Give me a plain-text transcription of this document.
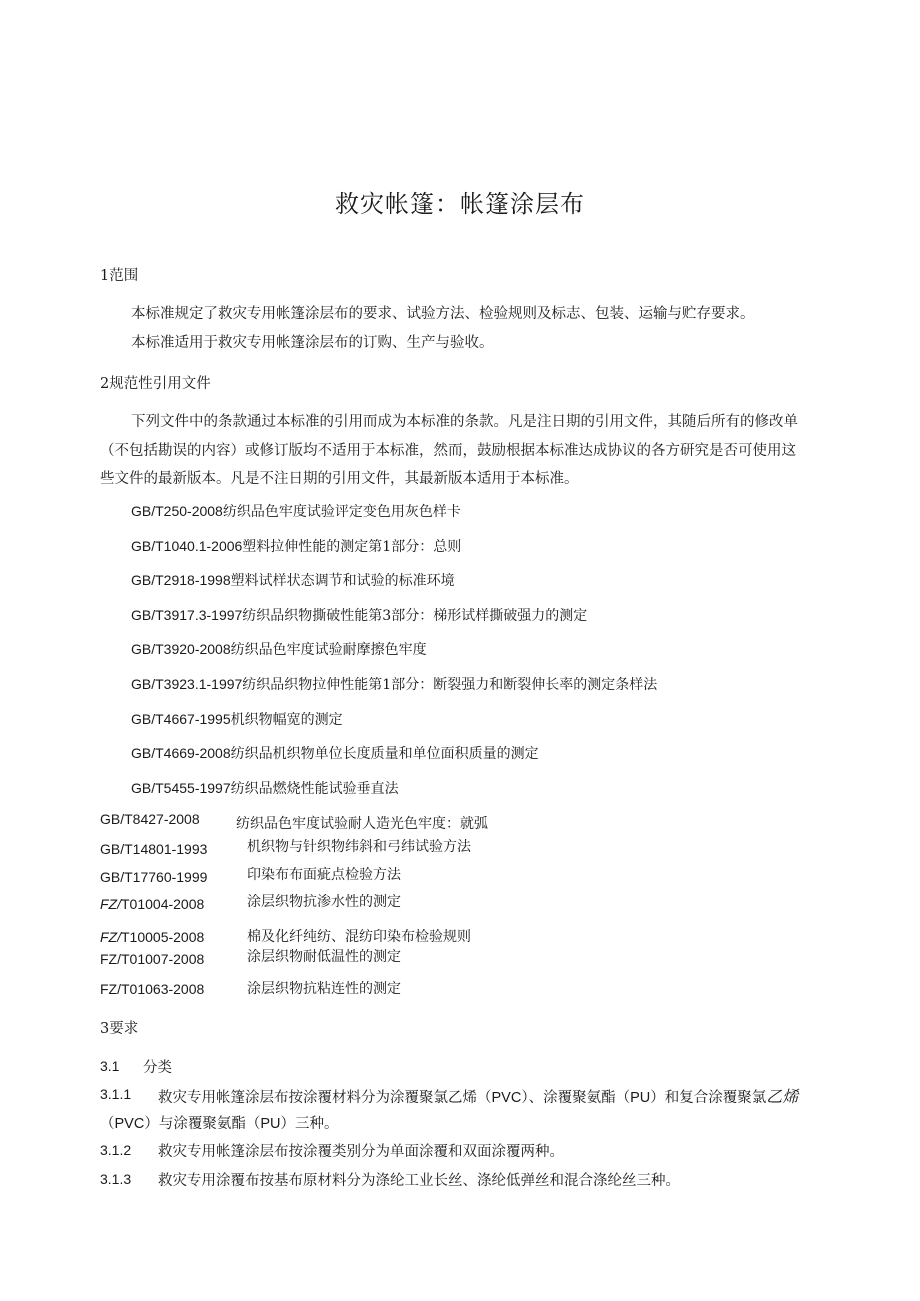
救灾帐篷：帐篷涂层布
1范围
本标准规定了救灾专用帐篷涂层布的要求、试验方法、检验规则及标志、包装、运输与贮存要求。
本标准适用于救灾专用帐篷涂层布的订购、生产与验收。
2规范性引用文件
下列文件中的条款通过本标准的引用而成为本标准的条款。凡是注日期的引用文件，其随后所有的修改单
（不包括勘误的内容）或修订版均不适用于本标准，然而，鼓励根据本标准达成协议的各方研究是否可使用这
些文件的最新版本。凡是不注日期的引用文件，其最新版本适用于本标准。
GB/T250-2008纺织品色牢度试验评定变色用灰色样卡
GB/T1040.1-2006塑料拉伸性能的测定第1部分：总则
GB/T2918-1998塑料试样状态调节和试验的标准环境
GB/T3917.3-1997纺织品织物撕破性能第3部分：梯形试样撕破强力的测定
GB/T3920-2008纺织品色牢度试验耐摩擦色牢度
GB/T3923.1-1997纺织品织物拉伸性能第1部分：断裂强力和断裂伸长率的测定条样法
GB/T4667-1995机织物幅宽的测定
GB/T4669-2008纺织品机织物单位长度质量和单位面积质量的测定
GB/T5455-1997纺织品燃烧性能试验垂直法
GB/T8427-2008	纺织品色牢度试验耐人造光色牢度：就弧
GB/T14801-1993	机织物与针织物纬斜和弓纬试验方法
GB/T17760-1999	印染布布面疵点检验方法
FZ/T01004-2008	涂层织物抗渗水性的测定
FZ/T10005-2008	棉及化纤纯纺、混纺印染布检验规则
FZ/T01007-2008	涂层织物耐低温性的测定
FZ/T01063-2008	涂层织物抗粘连性的测定
3要求
3.1 分类
3.1.1 救灾专用帐篷涂层布按涂覆材料分为涂覆聚氯乙烯（PVC）、涂覆聚氨酯（PU）和复合涂覆聚氯乙烯
（PVC）与涂覆聚氨酯（PU）三种。
3.1.2 救灾专用帐篷涂层布按涂覆类别分为单面涂覆和双面涂覆两种。
3.1.3 救灾专用涂覆布按基布原材料分为涤纶工业长丝、涤纶低弹丝和混合涤纶丝三种。
